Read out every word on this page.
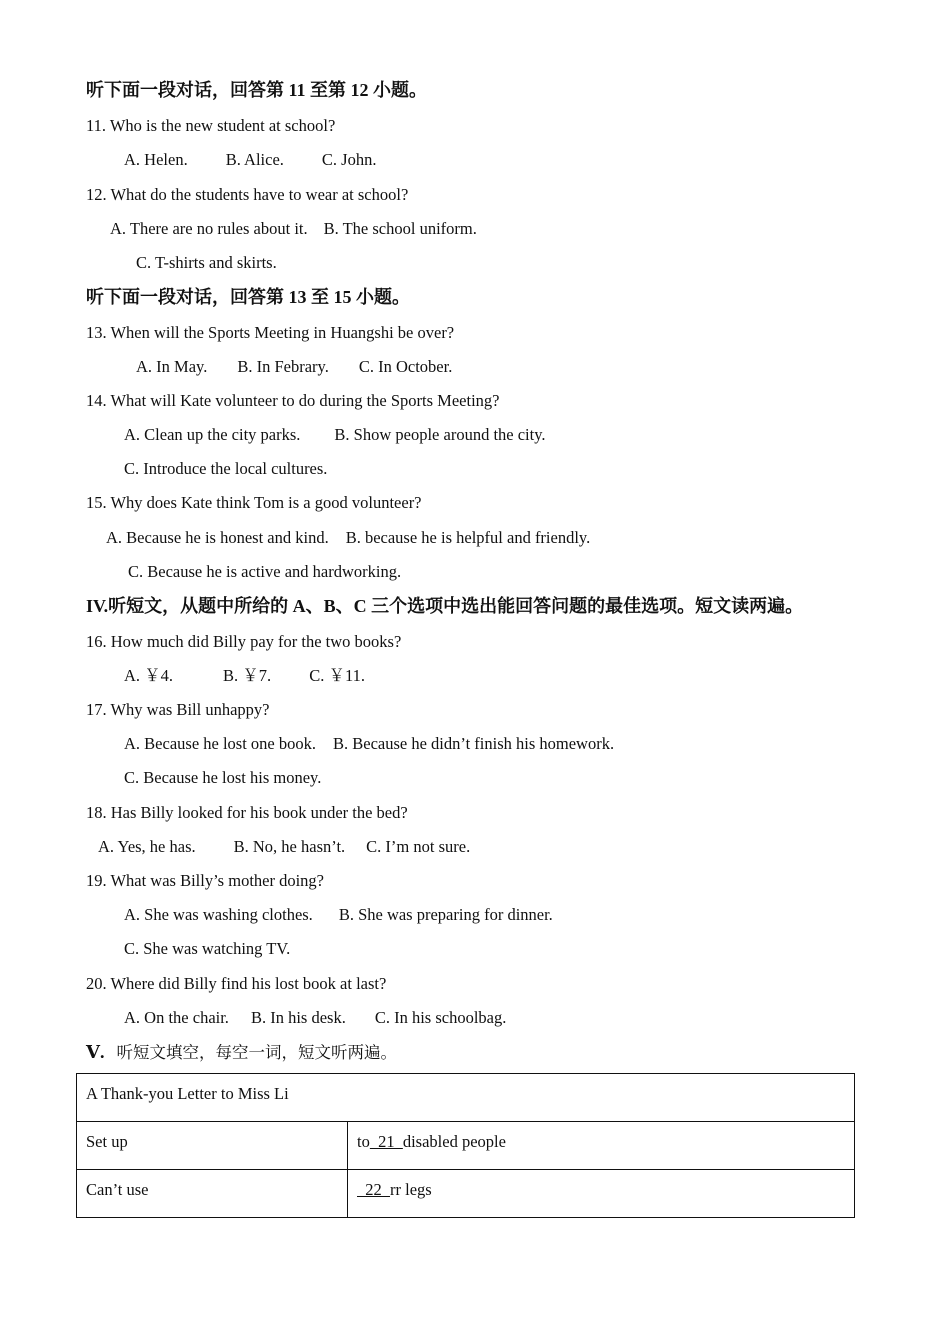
听下面一段对话，回答第 11 至第 12 小题。
11. Who is the new student at school?
A. Helen. B. Alice. C. John.
12. What do the students have to wear at school?
A. There are no rules about it. B. The school uniform.
C. T-shirts and skirts.
听下面一段对话，回答第 13 至 15 小题。
13. When will the Sports Meeting in Huangshi be over?
A. In May. B. In Febrary. C. In October.
14. What will Kate volunteer to do during the Sports Meeting?
A. Clean up the city parks. B. Show people around the city.
C. Introduce the local cultures.
15. Why does Kate think Tom is a good volunteer?
A. Because he is honest and kind. B. because he is helpful and friendly.
C. Because he is active and hardworking.
IV.听短文，从题中所给的 A、B、C 三个选项中选出能回答问题的最佳选项。短文读两遍。
16. How much did Billy pay for the two books?
A. ￥4.	B. ￥7. C. ￥11.
17. Why was Bill unhappy?
A. Because he lost one book. B. Because he didn’t finish his homework.
C. Because he lost his money.
18. Has Billy looked for his book under the bed?
A. Yes, he has. B. No, he hasn’t. C. I’m not sure.
19. What was Billy’s mother doing?
A. She was washing clothes. B. She was preparing for dinner.
C. She was watching TV.
20. Where did Billy find his lost book at last?
A. On the chair. B. In his desk. C. In his schoolbag.
Ⅴ. 听短文填空，每空一词，短文听两遍。
A Thank-you Letter to Miss Li	
Set up	to  21  disabled people
Can’t use	22  rr legs
